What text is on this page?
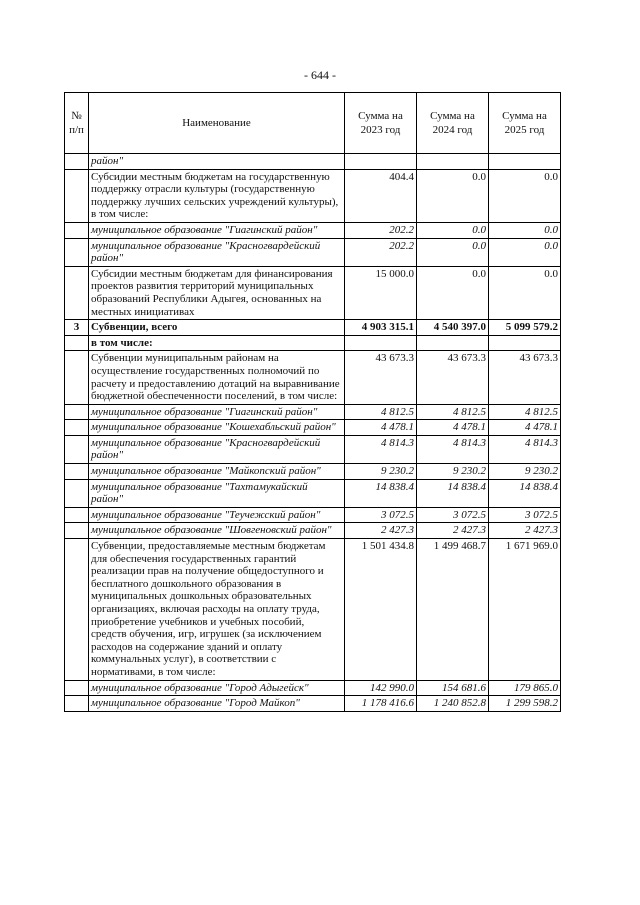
- 644 -
№ п/п	Наименование	Сумма на 2023 год	Сумма на 2024 год	Сумма на 2025 год
	район"			
	Субсидии местным бюджетам на государственную поддержку отрасли культуры (государственную поддержку лучших сельских учреждений культуры), в том числе:	404.4	0.0	0.0
	муниципальное образование "Гиагинский район"	202.2	0.0	0.0
	муниципальное образование "Красногвардейский район"	202.2	0.0	0.0
	Субсидии местным бюджетам для финансирования проектов развития территорий муниципальных образований Республики Адыгея, основанных на местных инициативах	15 000.0	0.0	0.0
3	Субвенции, всего	4 903 315.1	4 540 397.0	5 099 579.2
	в том числе:			
	Субвенции муниципальным районам на осуществление государственных полномочий по расчету и предоставлению дотаций на выравнивание бюджетной обеспеченности поселений, в том числе:	43 673.3	43 673.3	43 673.3
	муниципальное образование "Гиагинский район"	4 812.5	4 812.5	4 812.5
	муниципальное образование "Кошехабльский район"	4 478.1	4 478.1	4 478.1
	муниципальное образование "Красногвардейский район"	4 814.3	4 814.3	4 814.3
	муниципальное образование "Майкопский район"	9 230.2	9 230.2	9 230.2
	муниципальное образование "Тахтамукайский район"	14 838.4	14 838.4	14 838.4
	муниципальное образование "Теучежский район"	3 072.5	3 072.5	3 072.5
	муниципальное образование "Шовгеновский район"	2 427.3	2 427.3	2 427.3
	Субвенции, предоставляемые местным бюджетам для обеспечения государственных гарантий реализации прав на получение общедоступного и бесплатного дошкольного образования в муниципальных дошкольных образовательных организациях, включая расходы на оплату труда, приобретение учебников и учебных пособий, средств обучения, игр, игрушек (за исключением расходов на содержание зданий и оплату коммунальных услуг), в соответствии с нормативами, в том числе:	1 501 434.8	1 499 468.7	1 671 969.0
	муниципальное образование "Город Адыгейск"	142 990.0	154 681.6	179 865.0
	муниципальное образование "Город Майкоп"	1 178 416.6	1 240 852.8	1 299 598.2
